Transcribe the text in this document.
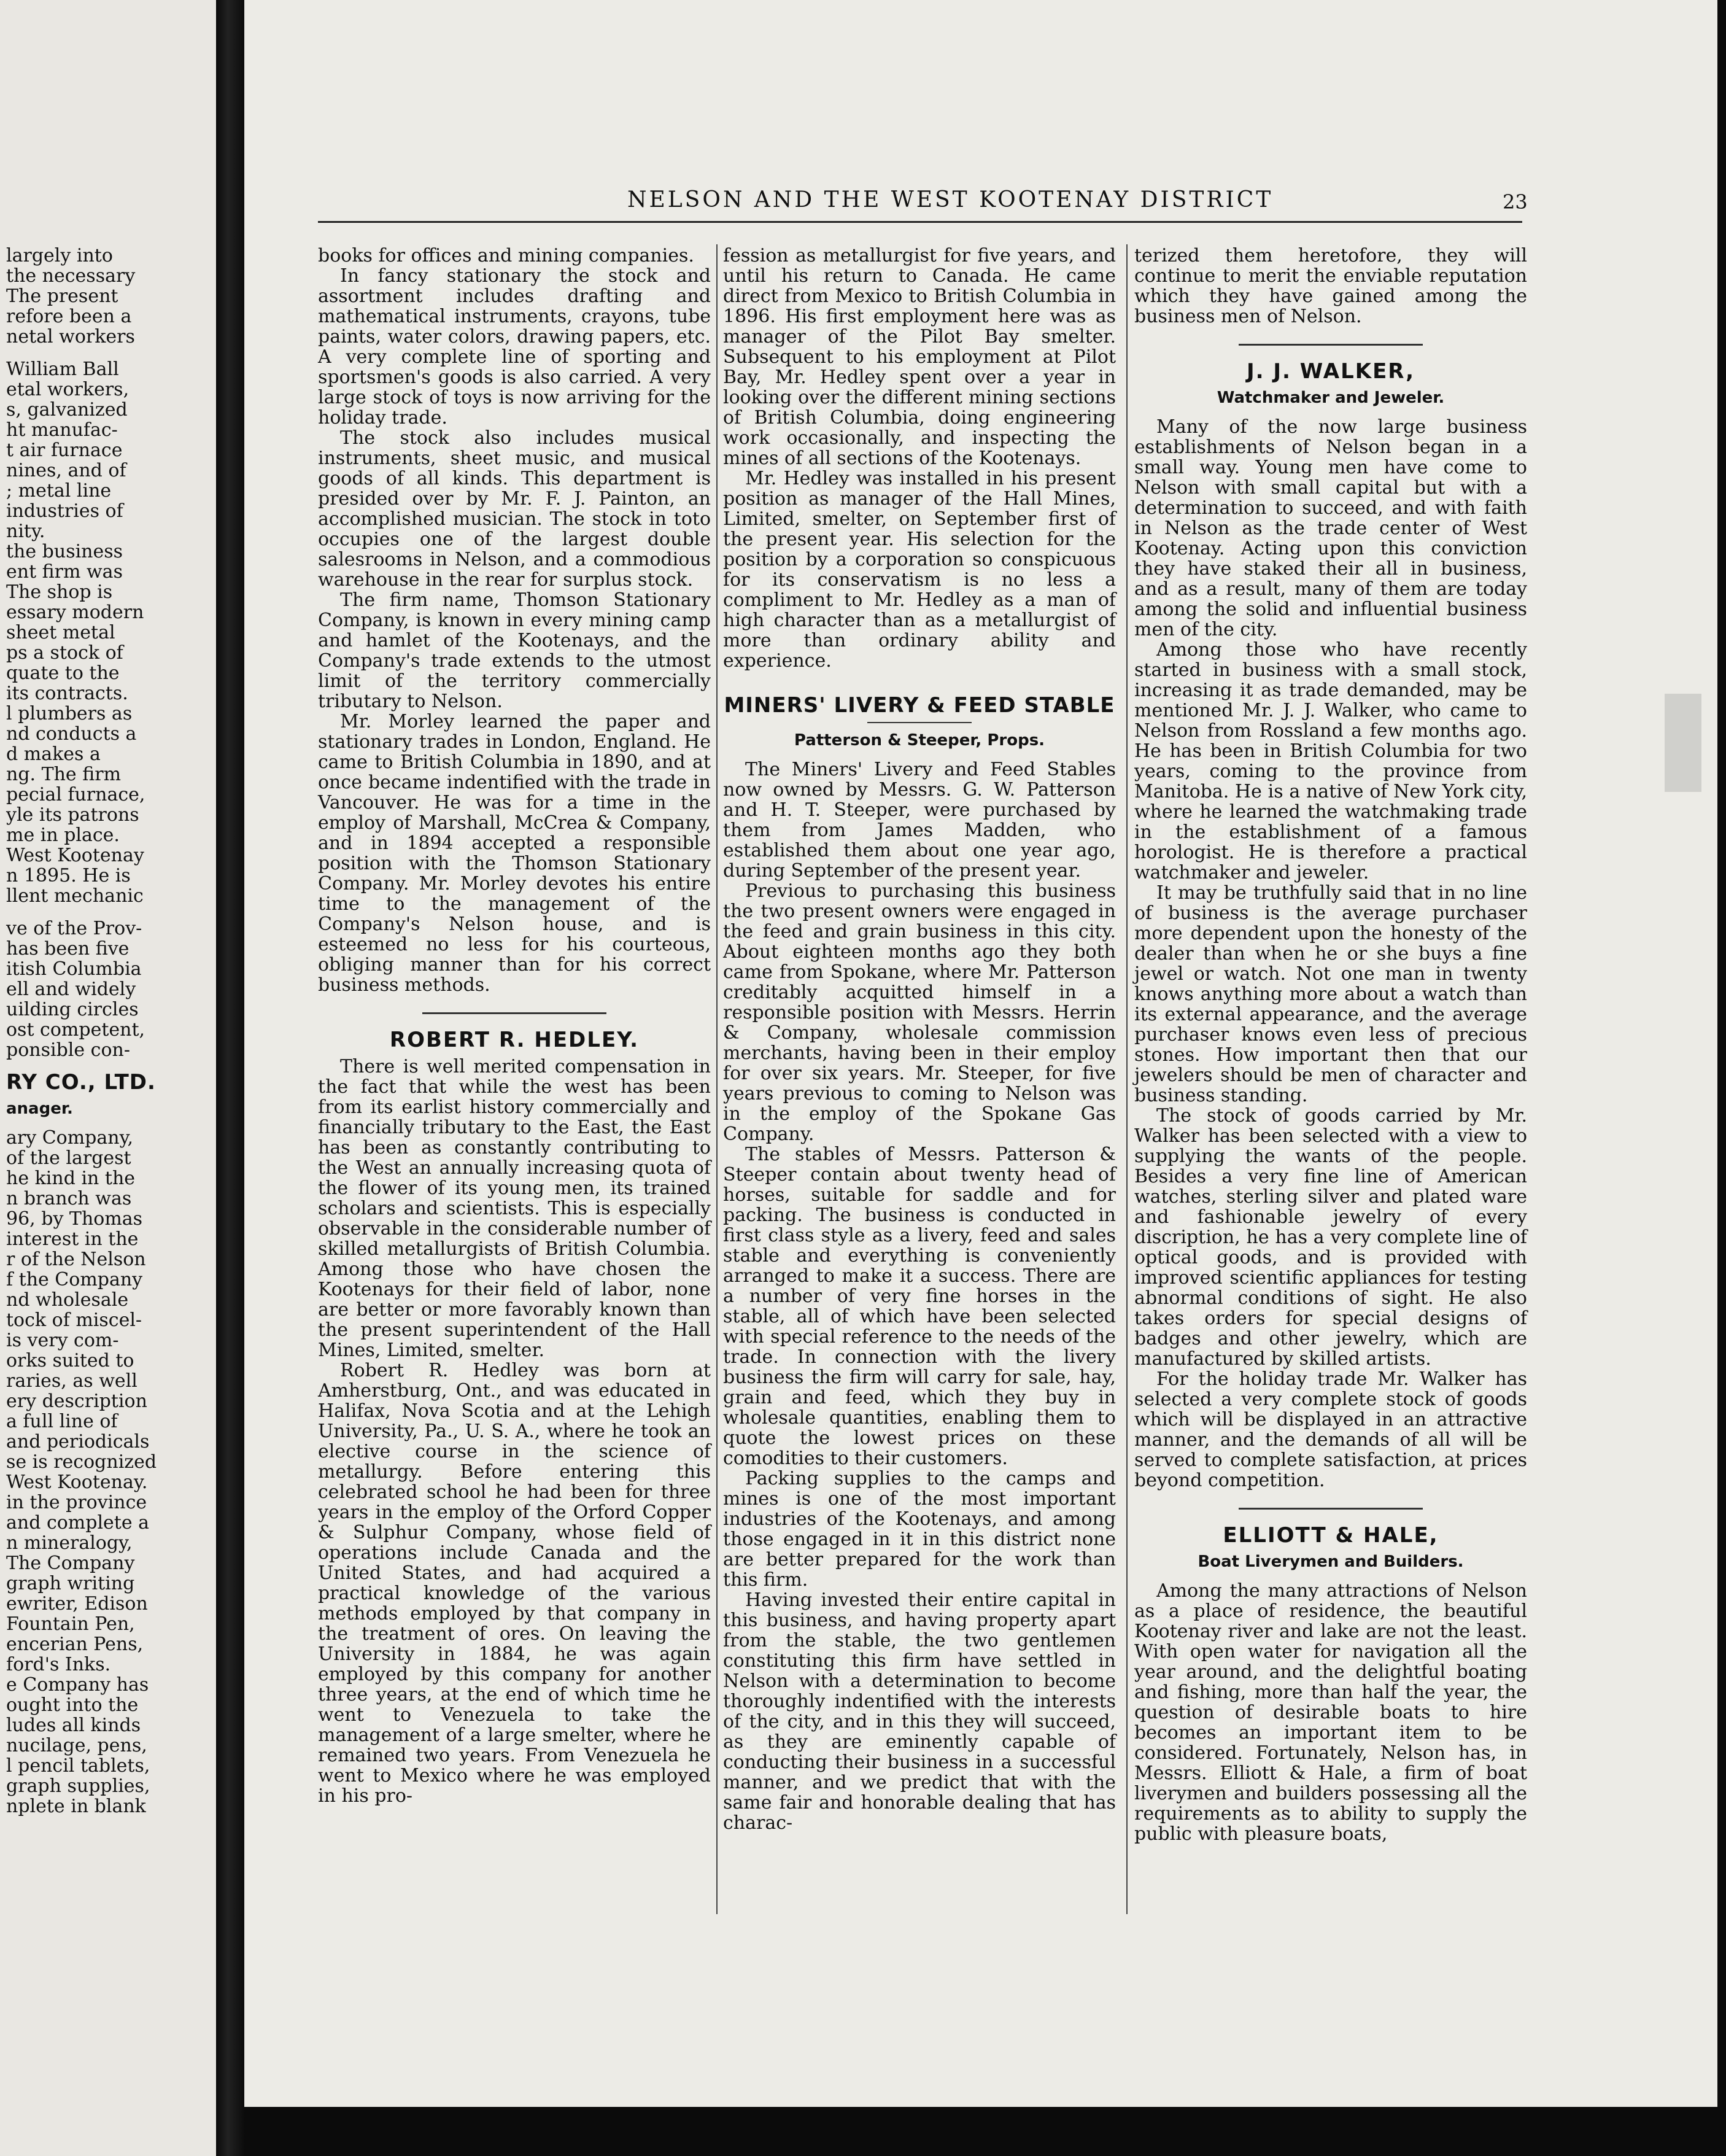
largely into
the necessary
The present
refore been a
netal workers

William Ball
etal workers,
s, galvanized
ht manufac-
t air furnace
nines, and of
; metal line
industries of
nity.

the business
ent firm was
The shop is
essary modern
sheet metal
ps a stock of
quate to the
its contracts.
l plumbers as
nd conducts a
d makes a
ng. The firm
pecial furnace,
yle its patrons
me in place.
West Kootenay
n 1895. He is
llent mechanic

ve of the Prov-
has been five
itish Columbia
ell and widely
uilding circles
ost competent,
ponsible con-

RY CO., LTD.
anager.

ary Company,
of the largest
he kind in the
n branch was
96, by Thomas
interest in the
r of the Nelson
f the Company
nd wholesale
tock of miscel-
is very com-
orks suited to
raries, as well
ery description
a full line of
and periodicals

se is recognized
West Kootenay.
in the province
and complete a
n mineralogy,
The Company
graph writing
ewriter, Edison
Fountain Pen,
encerian Pens,
ford's Inks.
e Company has
ought into the
ludes all kinds
nucilage, pens,
l pencil tablets,
graph supplies,
nplete in blank

NELSON AND THE WEST KOOTENAY DISTRICT	23

books for offices and mining companies.

In fancy stationary the stock and assortment includes drafting and mathematical instruments, crayons, tube paints, water colors, drawing papers, etc. A very complete line of sporting and sportsmen's goods is also carried. A very large stock of toys is now arriving for the holiday trade.

The stock also includes musical instruments, sheet music, and musical goods of all kinds. This department is presided over by Mr. F. J. Painton, an accomplished musician. The stock in toto occupies one of the largest double salesrooms in Nelson, and a commodious warehouse in the rear for surplus stock.

The firm name, Thomson Stationary Company, is known in every mining camp and hamlet of the Kootenays, and the Company's trade extends to the utmost limit of the territory commercially tributary to Nelson.

Mr. Morley learned the paper and stationary trades in London, England. He came to British Columbia in 1890, and at once became indentified with the trade in Vancouver. He was for a time in the employ of Marshall, McCrea & Company, and in 1894 accepted a responsible position with the Thomson Stationary Company. Mr. Morley devotes his entire time to the management of the Company's Nelson house, and is esteemed no less for his courteous, obliging manner than for his correct business methods.

ROBERT R. HEDLEY.

There is well merited compensation in the fact that while the west has been from its earlist history commercially and financially tributary to the East, the East has been as constantly contributing to the West an annually increasing quota of the flower of its young men, its trained scholars and scientists. This is especially observable in the considerable number of skilled metallurgists of British Columbia. Among those who have chosen the Kootenays for their field of labor, none are better or more favorably known than the present superintendent of the Hall Mines, Limited, smelter.

Robert R. Hedley was born at Amherstburg, Ont., and was educated in Halifax, Nova Scotia and at the Lehigh University, Pa., U. S. A., where he took an elective course in the science of metallurgy. Before entering this celebrated school he had been for three years in the employ of the Orford Copper & Sulphur Company, whose field of operations include Canada and the United States, and had acquired a practical knowledge of the various methods employed by that company in the treatment of ores. On leaving the University in 1884, he was again employed by this company for another three years, at the end of which time he went to Venezuela to take the management of a large smelter, where he remained two years. From Venezuela he went to Mexico where he was employed in his pro-

fession as metallurgist for five years, and until his return to Canada. He came direct from Mexico to British Columbia in 1896. His first employment here was as manager of the Pilot Bay smelter. Subsequent to his employment at Pilot Bay, Mr. Hedley spent over a year in looking over the different mining sections of British Columbia, doing engineering work occasionally, and inspecting the mines of all sections of the Kootenays.

Mr. Hedley was installed in his present position as manager of the Hall Mines, Limited, smelter, on September first of the present year. His selection for the position by a corporation so conspicuous for its conservatism is no less a compliment to Mr. Hedley as a man of high character than as a metallurgist of more than ordinary ability and experience.

MINERS' LIVERY & FEED STABLE
Patterson & Steeper, Props.

The Miners' Livery and Feed Stables now owned by Messrs. G. W. Patterson and H. T. Steeper, were purchased by them from James Madden, who established them about one year ago, during September of the present year.

Previous to purchasing this business the two present owners were engaged in the feed and grain business in this city. About eighteen months ago they both came from Spokane, where Mr. Patterson creditably acquitted himself in a responsible position with Messrs. Herrin & Company, wholesale commission merchants, having been in their employ for over six years. Mr. Steeper, for five years previous to coming to Nelson was in the employ of the Spokane Gas Company.

The stables of Messrs. Patterson & Steeper contain about twenty head of horses, suitable for saddle and for packing. The business is conducted in first class style as a livery, feed and sales stable and everything is conveniently arranged to make it a success. There are a number of very fine horses in the stable, all of which have been selected with special reference to the needs of the trade. In connection with the livery business the firm will carry for sale, hay, grain and feed, which they buy in wholesale quantities, enabling them to quote the lowest prices on these comodities to their customers.

Packing supplies to the camps and mines is one of the most important industries of the Kootenays, and among those engaged in it in this district none are better prepared for the work than this firm.

Having invested their entire capital in this business, and having property apart from the stable, the two gentlemen constituting this firm have settled in Nelson with a determination to become thoroughly indentified with the interests of the city, and in this they will succeed, as they are eminently capable of conducting their business in a successful manner, and we predict that with the same fair and honorable dealing that has charac-

terized them heretofore, they will continue to merit the enviable reputation which they have gained among the business men of Nelson.

J. J. WALKER,
Watchmaker and Jeweler.

Many of the now large business establishments of Nelson began in a small way. Young men have come to Nelson with small capital but with a determination to succeed, and with faith in Nelson as the trade center of West Kootenay. Acting upon this conviction they have staked their all in business, and as a result, many of them are today among the solid and influential business men of the city.

Among those who have recently started in business with a small stock, increasing it as trade demanded, may be mentioned Mr. J. J. Walker, who came to Nelson from Rossland a few months ago. He has been in British Columbia for two years, coming to the province from Manitoba. He is a native of New York city, where he learned the watchmaking trade in the establishment of a famous horologist. He is therefore a practical watchmaker and jeweler.

It may be truthfully said that in no line of business is the average purchaser more dependent upon the honesty of the dealer than when he or she buys a fine jewel or watch. Not one man in twenty knows anything more about a watch than its external appearance, and the average purchaser knows even less of precious stones. How important then that our jewelers should be men of character and business standing.

The stock of goods carried by Mr. Walker has been selected with a view to supplying the wants of the people. Besides a very fine line of American watches, sterling silver and plated ware and fashionable jewelry of every discription, he has a very complete line of optical goods, and is provided with improved scientific appliances for testing abnormal conditions of sight. He also takes orders for special designs of badges and other jewelry, which are manufactured by skilled artists.

For the holiday trade Mr. Walker has selected a very complete stock of goods which will be displayed in an attractive manner, and the demands of all will be served to complete satisfaction, at prices beyond competition.

ELLIOTT & HALE,
Boat Liverymen and Builders.

Among the many attractions of Nelson as a place of residence, the beautiful Kootenay river and lake are not the least. With open water for navigation all the year around, and the delightful boating and fishing, more than half the year, the question of desirable boats to hire becomes an important item to be considered. Fortunately, Nelson has, in Messrs. Elliott & Hale, a firm of boat liverymen and builders possessing all the requirements as to ability to supply the public with pleasure boats,
